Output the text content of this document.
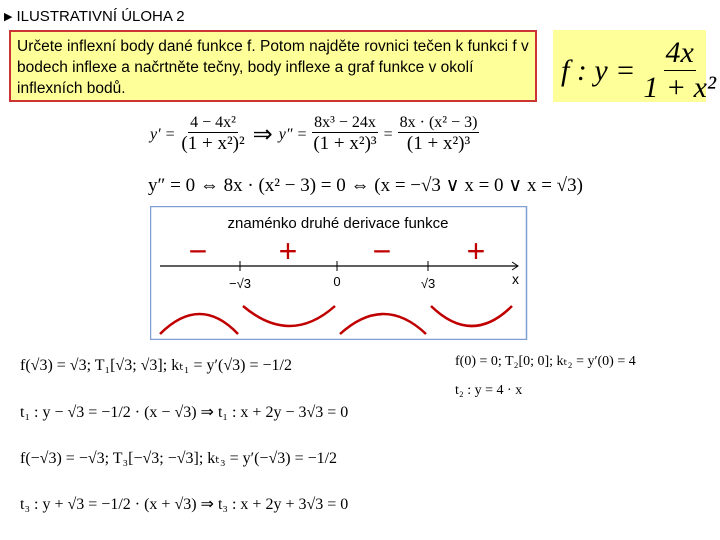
▶ ILUSTRATIVNÍ ÚLOHA 2
Určete inflexní body dané funkce f. Potom najděte rovnici tečen k funkci f v bodech inflexe a načrtněte tečny, body inflexe a graf funkce v okolí inflexních bodů.
f : $y = \frac{4x}{\text{1 + x²}}$
$y' = \frac{\text{4 − 4x²}}{\text{(1 + x²)²}}$ ⇒ $y'' = \frac{\text{8x³ − 24x}}{\text{(1 + x²)³}} = \frac{\text{8x · (x² − 3)}}{\text{(1 + x²)³}}$
y″ = 0 ⇔ 8x · (x² − 3) = 0 ⇔ (x = −√3 ∨ x = 0 ∨ x = √3)
znaménko druhé derivace funkce
− + − +
x
−√3	0	√3
f(√3) = √3; T₁[√3; √3]; kₜ₁ = y′(√3) = −1/2	f(0) = 0; T₂[0; 0]; kₜ₂ = y′(0) = 4
t₂ : y = 4 · x
t₁ : y − √3 = −1/2 · (x − √3) ⇒ t₁ : x + 2y − 3√3 = 0
f(−√3) = −√3; T₃[−√3; −√3]; kₜ₃ = y′(−√3) = −1/2
t₃ : y + √3 = −1/2 · (x + √3) ⇒ t₃ : x + 2y + 3√3 = 0
